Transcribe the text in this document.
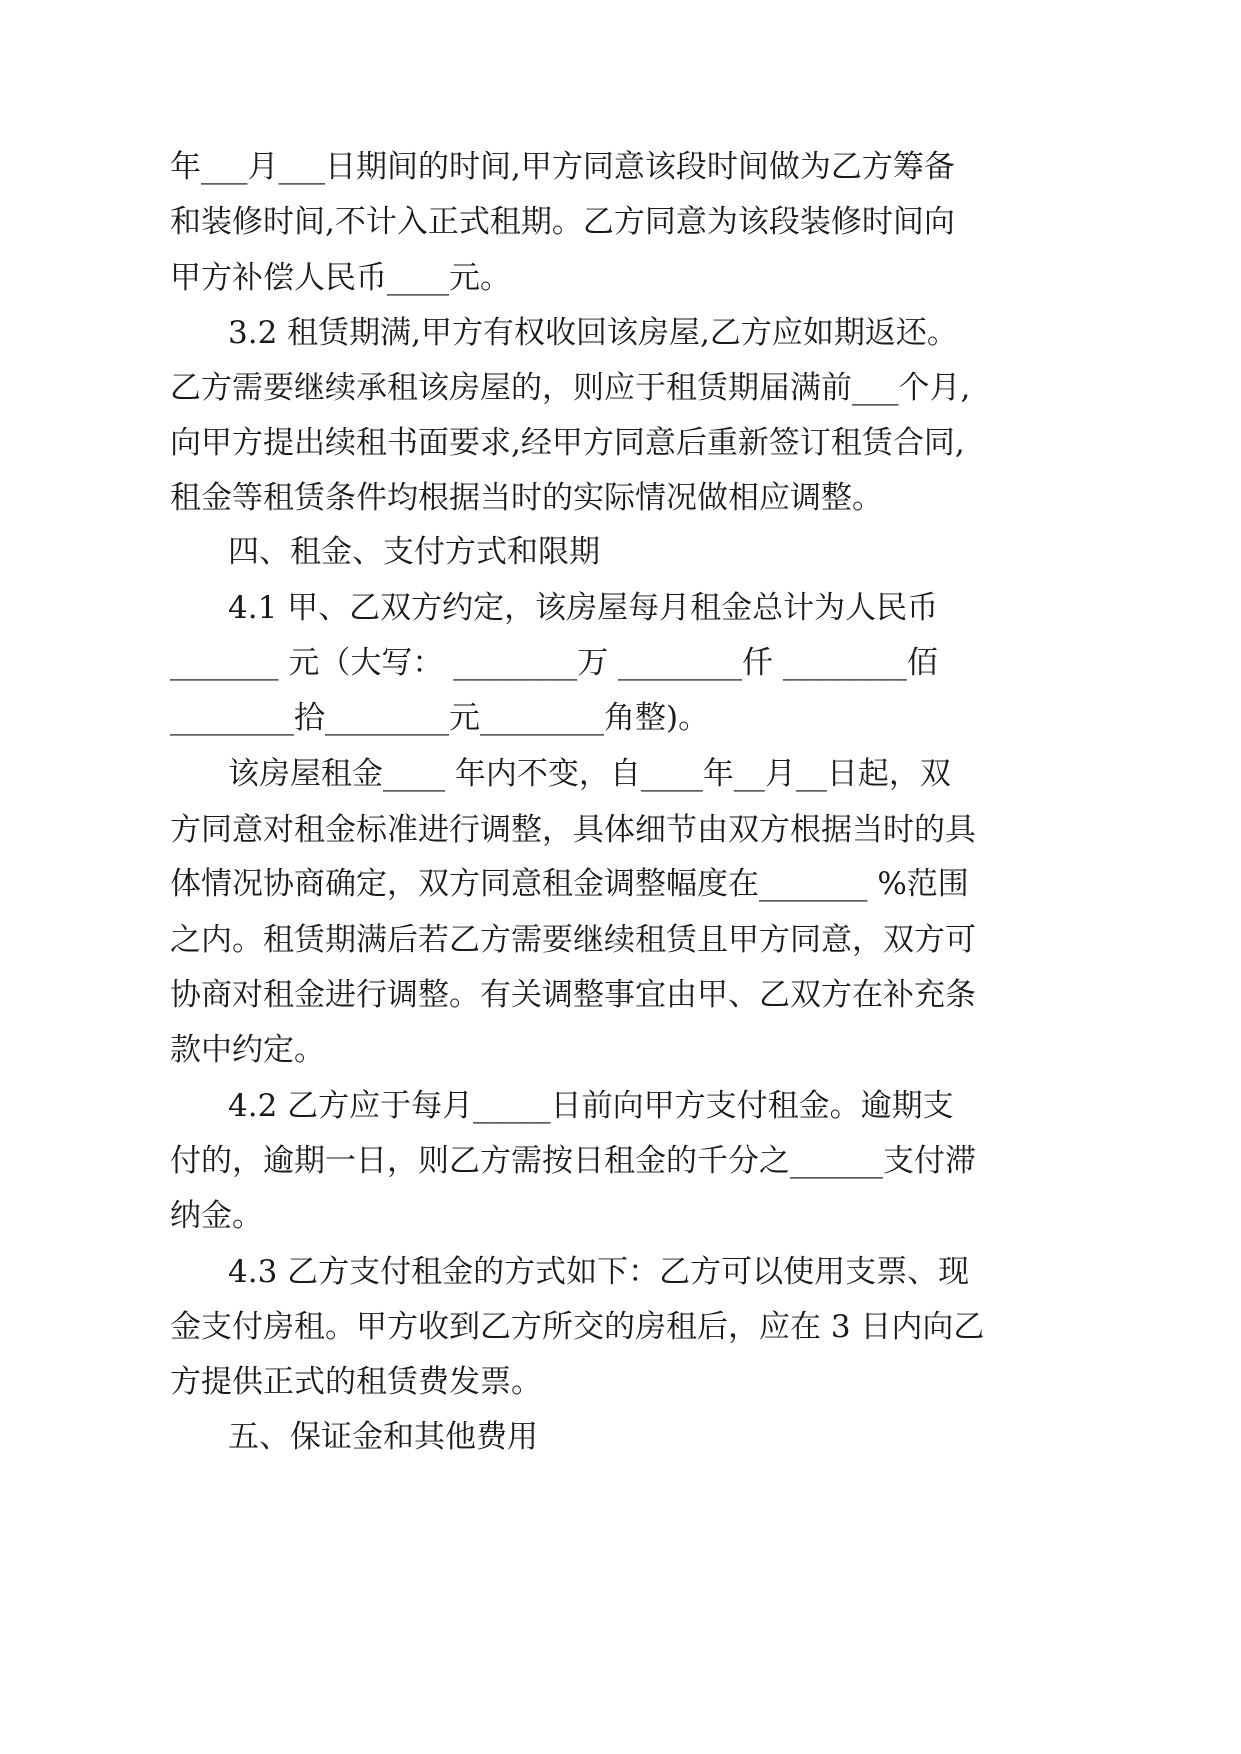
年___月___日期间的时间,甲方同意该段时间做为乙方筹备
和装修时间,不计入正式租期。乙方同意为该段装修时间向
甲方补偿人民币____元。
3.2 租赁期满,甲方有权收回该房屋,乙方应如期返还。
乙方需要继续承租该房屋的，则应于租赁期届满前___个月,
向甲方提出续租书面要求,经甲方同意后重新签订租赁合同,
租金等租赁条件均根据当时的实际情况做相应调整。
四、租金、支付方式和限期
4.1 甲、乙双方约定，该房屋每月租金总计为人民币
_______ 元（大写： ________万 ________仟 ________佰
________拾________元________角整)。
该房屋租金____ 年内不变，自____年__月__日起，双
方同意对租金标准进行调整，具体细节由双方根据当时的具
体情况协商确定，双方同意租金调整幅度在_______ %范围
之内。租赁期满后若乙方需要继续租赁且甲方同意，双方可
协商对租金进行调整。有关调整事宜由甲、乙双方在补充条
款中约定。
4.2 乙方应于每月_____日前向甲方支付租金。逾期支
付的，逾期一日，则乙方需按日租金的千分之______支付滞
纳金。
4.3 乙方支付租金的方式如下：乙方可以使用支票、现
金支付房租。甲方收到乙方所交的房租后，应在 3 日内向乙
方提供正式的租赁费发票。
五、保证金和其他费用
